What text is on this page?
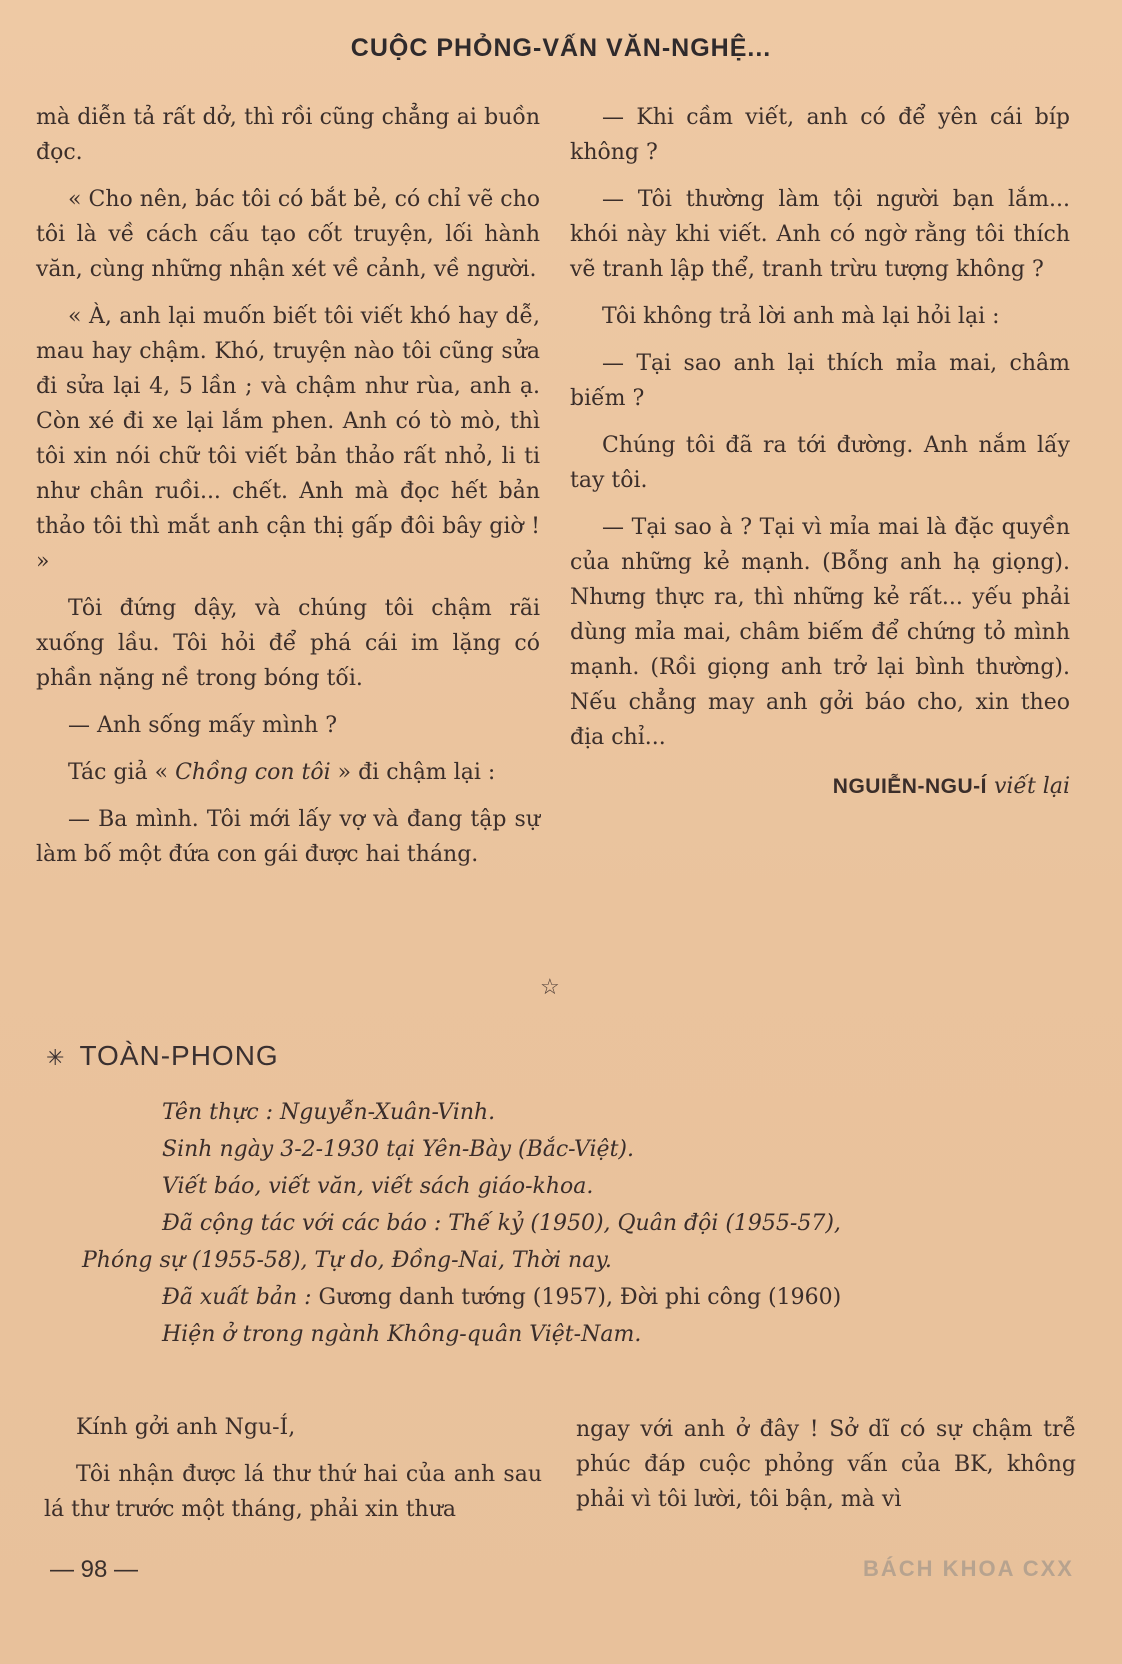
CUỘC PHỎNG-VẤN VĂN-NGHỆ...

mà diễn tả rất dở, thì rồi cũng chẳng ai buồn đọc.

« Cho nên, bác tôi có bắt bẻ, có chỉ vẽ cho tôi là về cách cấu tạo cốt truyện, lối hành văn, cùng những nhận xét về cảnh, về người.

« À, anh lại muốn biết tôi viết khó hay dễ, mau hay chậm. Khó, truyện nào tôi cũng sửa đi sửa lại 4, 5 lần ; và chậm như rùa, anh ạ. Còn xé đi xe lại lắm phen. Anh có tò mò, thì tôi xin nói chữ tôi viết bản thảo rất nhỏ, li ti như chân ruồi... chết. Anh mà đọc hết bản thảo tôi thì mắt anh cận thị gấp đôi bây giờ ! »

Tôi đứng dậy, và chúng tôi chậm rãi xuống lầu. Tôi hỏi để phá cái im lặng có phần nặng nề trong bóng tối.

— Anh sống mấy mình ?

Tác giả « Chồng con tôi » đi chậm lại :

— Ba mình. Tôi mới lấy vợ và đang tập sự làm bố một đứa con gái được hai tháng.

— Khi cầm viết, anh có để yên cái bíp không ?

— Tôi thường làm tội người bạn lắm... khói này khi viết. Anh có ngờ rằng tôi thích vẽ tranh lập thể, tranh trừu tượng không ?

Tôi không trả lời anh mà lại hỏi lại :

— Tại sao anh lại thích mỉa mai, châm biếm ?

Chúng tôi đã ra tới đường. Anh nắm lấy tay tôi.

— Tại sao à ? Tại vì mỉa mai là đặc quyền của những kẻ mạnh. (Bỗng anh hạ giọng). Nhưng thực ra, thì những kẻ rất... yếu phải dùng mỉa mai, châm biếm để chứng tỏ mình mạnh. (Rồi giọng anh trở lại bình thường). Nếu chẳng may anh gởi báo cho, xin theo địa chỉ...

NGUIỄN-NGU-Í viết lại
☆
✳ TOÀN-PHONG
Tên thực : Nguyễn-Xuân-Vinh.
Sinh ngày 3-2-1930 tại Yên-Bày (Bắc-Việt).
Viết báo, viết văn, viết sách giáo-khoa.
Đã cộng tác với các báo : Thế kỷ (1950), Quân đội (1955-57),
Phóng sự (1955-58), Tự do, Đồng-Nai, Thời nay.
Đã xuất bản : Gương danh tướng (1957), Đời phi công (1960)
Hiện ở trong ngành Không-quân Việt-Nam.

Kính gởi anh Ngu-Í,

Tôi nhận được lá thư thứ hai của anh sau lá thư trước một tháng, phải xin thưa

ngay với anh ở đây ! Sở dĩ có sự chậm trễ phúc đáp cuộc phỏng vấn của BK, không phải vì tôi lười, tôi bận, mà vì

— 98 —	BÁCH KHOA CXX
